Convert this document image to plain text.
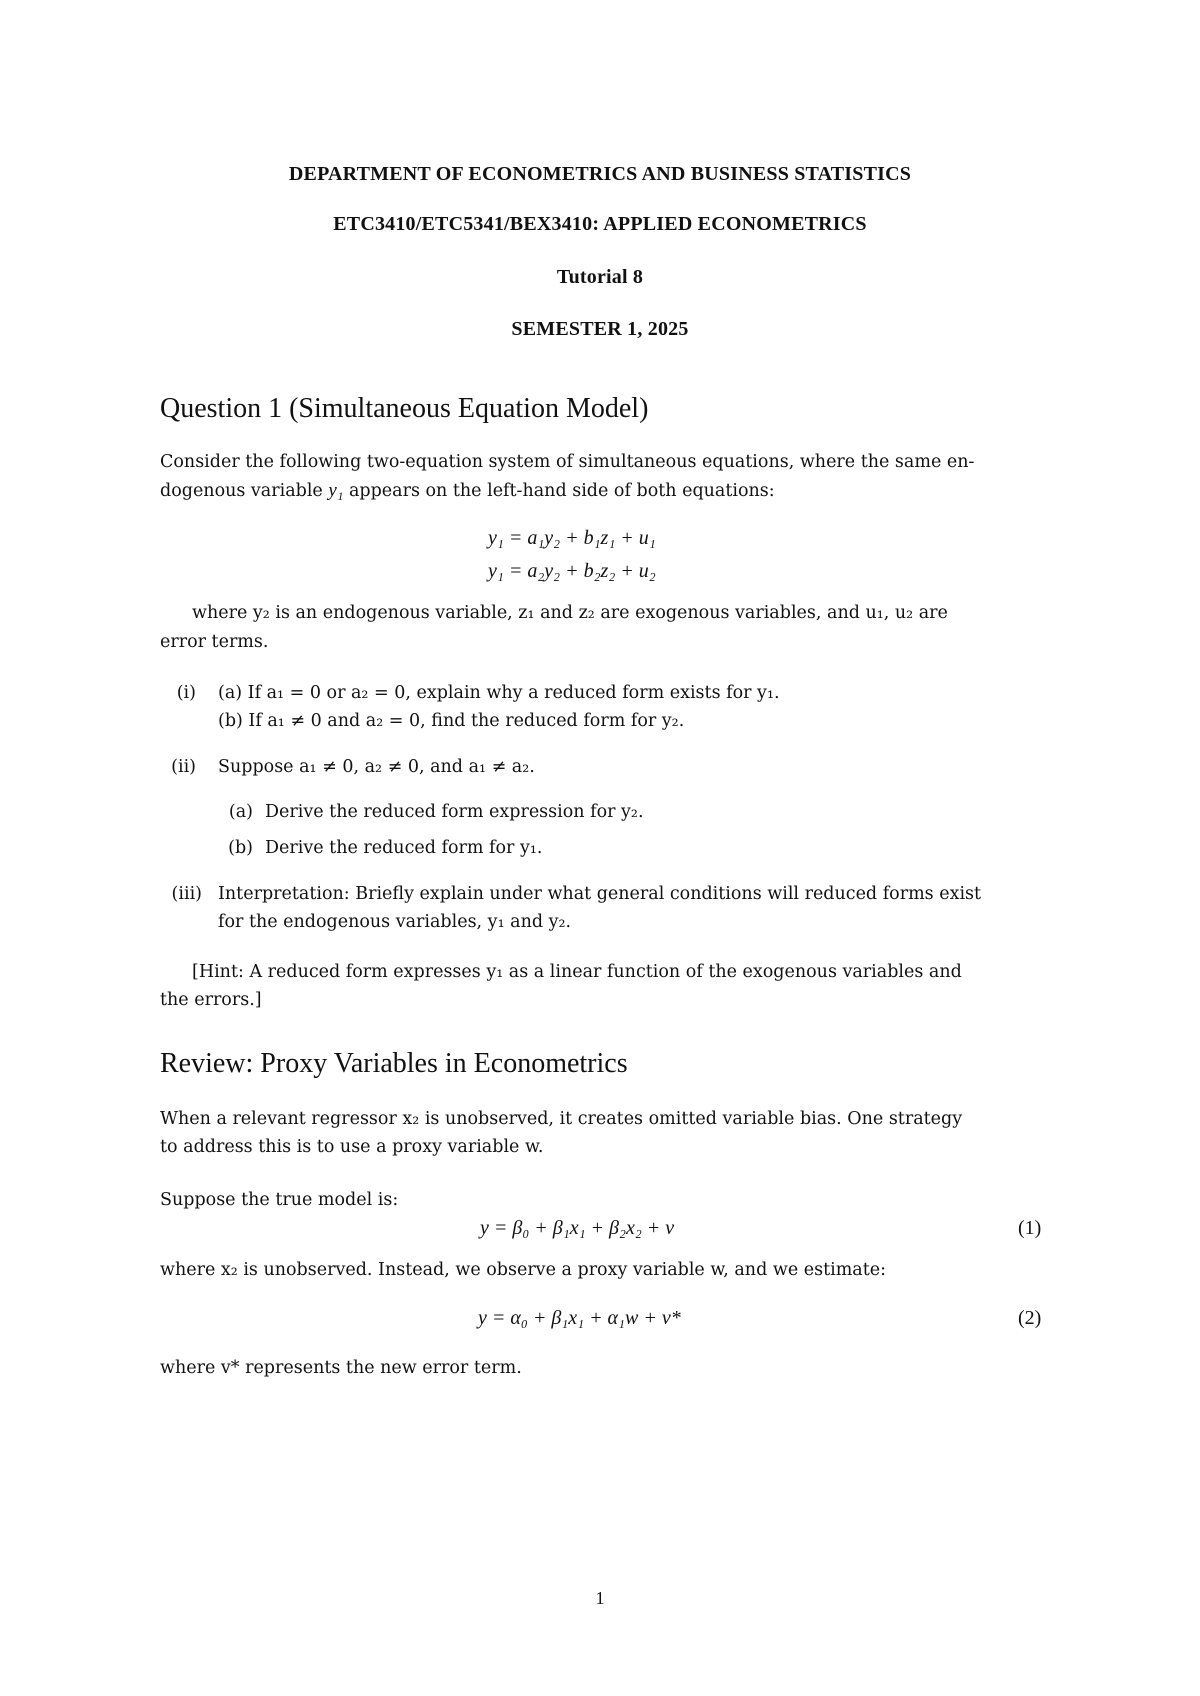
DEPARTMENT OF ECONOMETRICS AND BUSINESS STATISTICS
ETC3410/ETC5341/BEX3410: APPLIED ECONOMETRICS
Tutorial 8
SEMESTER 1, 2025
Question 1 (Simultaneous Equation Model)
Consider the following two-equation system of simultaneous equations, where the same en-
dogenous variable y₁ appears on the left-hand side of both equations:
y₁ = a₁y₂ + b₁z₁ + u₁
y₁ = a₂y₂ + b₂z₂ + u₂
where y₂ is an endogenous variable, z₁ and z₂ are exogenous variables, and u₁, u₂ are
error terms.
(i) (a) If a₁ = 0 or a₂ = 0, explain why a reduced form exists for y₁.
(b) If a₁ ≠ 0 and a₂ = 0, find the reduced form for y₂.
(ii) Suppose a₁ ≠ 0, a₂ ≠ 0, and a₁ ≠ a₂.
(a) Derive the reduced form expression for y₂.
(b) Derive the reduced form for y₁.
(iii) Interpretation: Briefly explain under what general conditions will reduced forms exist
for the endogenous variables, y₁ and y₂.
[Hint: A reduced form expresses y₁ as a linear function of the exogenous variables and
the errors.]
Review: Proxy Variables in Econometrics
When a relevant regressor x₂ is unobserved, it creates omitted variable bias. One strategy
to address this is to use a proxy variable w.
Suppose the true model is:
y = β₀ + β₁x₁ + β₂x₂ + v	(1)
where x₂ is unobserved. Instead, we observe a proxy variable w, and we estimate:
y = α₀ + β₁x₁ + α₁w + v*	(2)
where v* represents the new error term.
1
